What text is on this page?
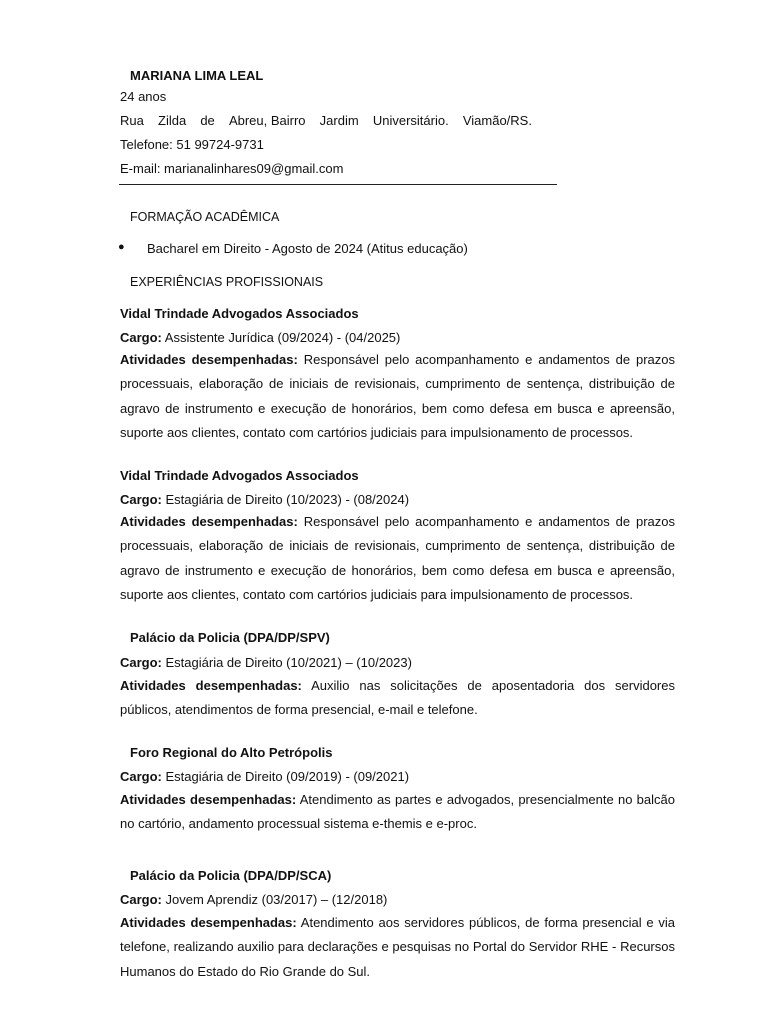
MARIANA LIMA LEAL
24 anos
Rua Zilda de Abreu, Bairro Jardim Universitário. Viamão/RS.
Telefone: 51 99724-9731
E-mail: marianalinhares09@gmail.com
FORMAÇÃO ACADÊMICA
● Bacharel em Direito - Agosto de 2024 (Atitus educação)
EXPERIÊNCIAS PROFISSIONAIS
Vidal Trindade Advogados Associados
Cargo: Assistente Jurídica (09/2024) - (04/2025)

Atividades desempenhadas: Responsável pelo acompanhamento e andamentos de prazos processuais, elaboração de iniciais de revisionais, cumprimento de sentença, distribuição de agravo de instrumento e execução de honorários, bem como defesa em busca e apreensão, suporte aos clientes, contato com cartórios judiciais para impulsionamento de processos.

Vidal Trindade Advogados Associados
Cargo: Estagiária de Direito (10/2023) - (08/2024)

Atividades desempenhadas: Responsável pelo acompanhamento e andamentos de prazos processuais, elaboração de iniciais de revisionais, cumprimento de sentença, distribuição de agravo de instrumento e execução de honorários, bem como defesa em busca e apreensão, suporte aos clientes, contato com cartórios judiciais para impulsionamento de processos.

Palácio da Policia (DPA/DP/SPV)
Cargo: Estagiária de Direito (10/2021) – (10/2023)

Atividades desempenhadas: Auxilio nas solicitações de aposentadoria dos servidores públicos, atendimentos de forma presencial, e-mail e telefone.

Foro Regional do Alto Petrópolis
Cargo: Estagiária de Direito (09/2019) - (09/2021)

Atividades desempenhadas: Atendimento as partes e advogados, presencialmente no balcão no cartório, andamento processual sistema e-themis e e-proc.

Palácio da Policia (DPA/DP/SCA)
Cargo: Jovem Aprendiz (03/2017) – (12/2018)

Atividades desempenhadas: Atendimento aos servidores públicos, de forma presencial e via telefone, realizando auxilio para declarações e pesquisas no Portal do Servidor RHE - Recursos Humanos do Estado do Rio Grande do Sul.
